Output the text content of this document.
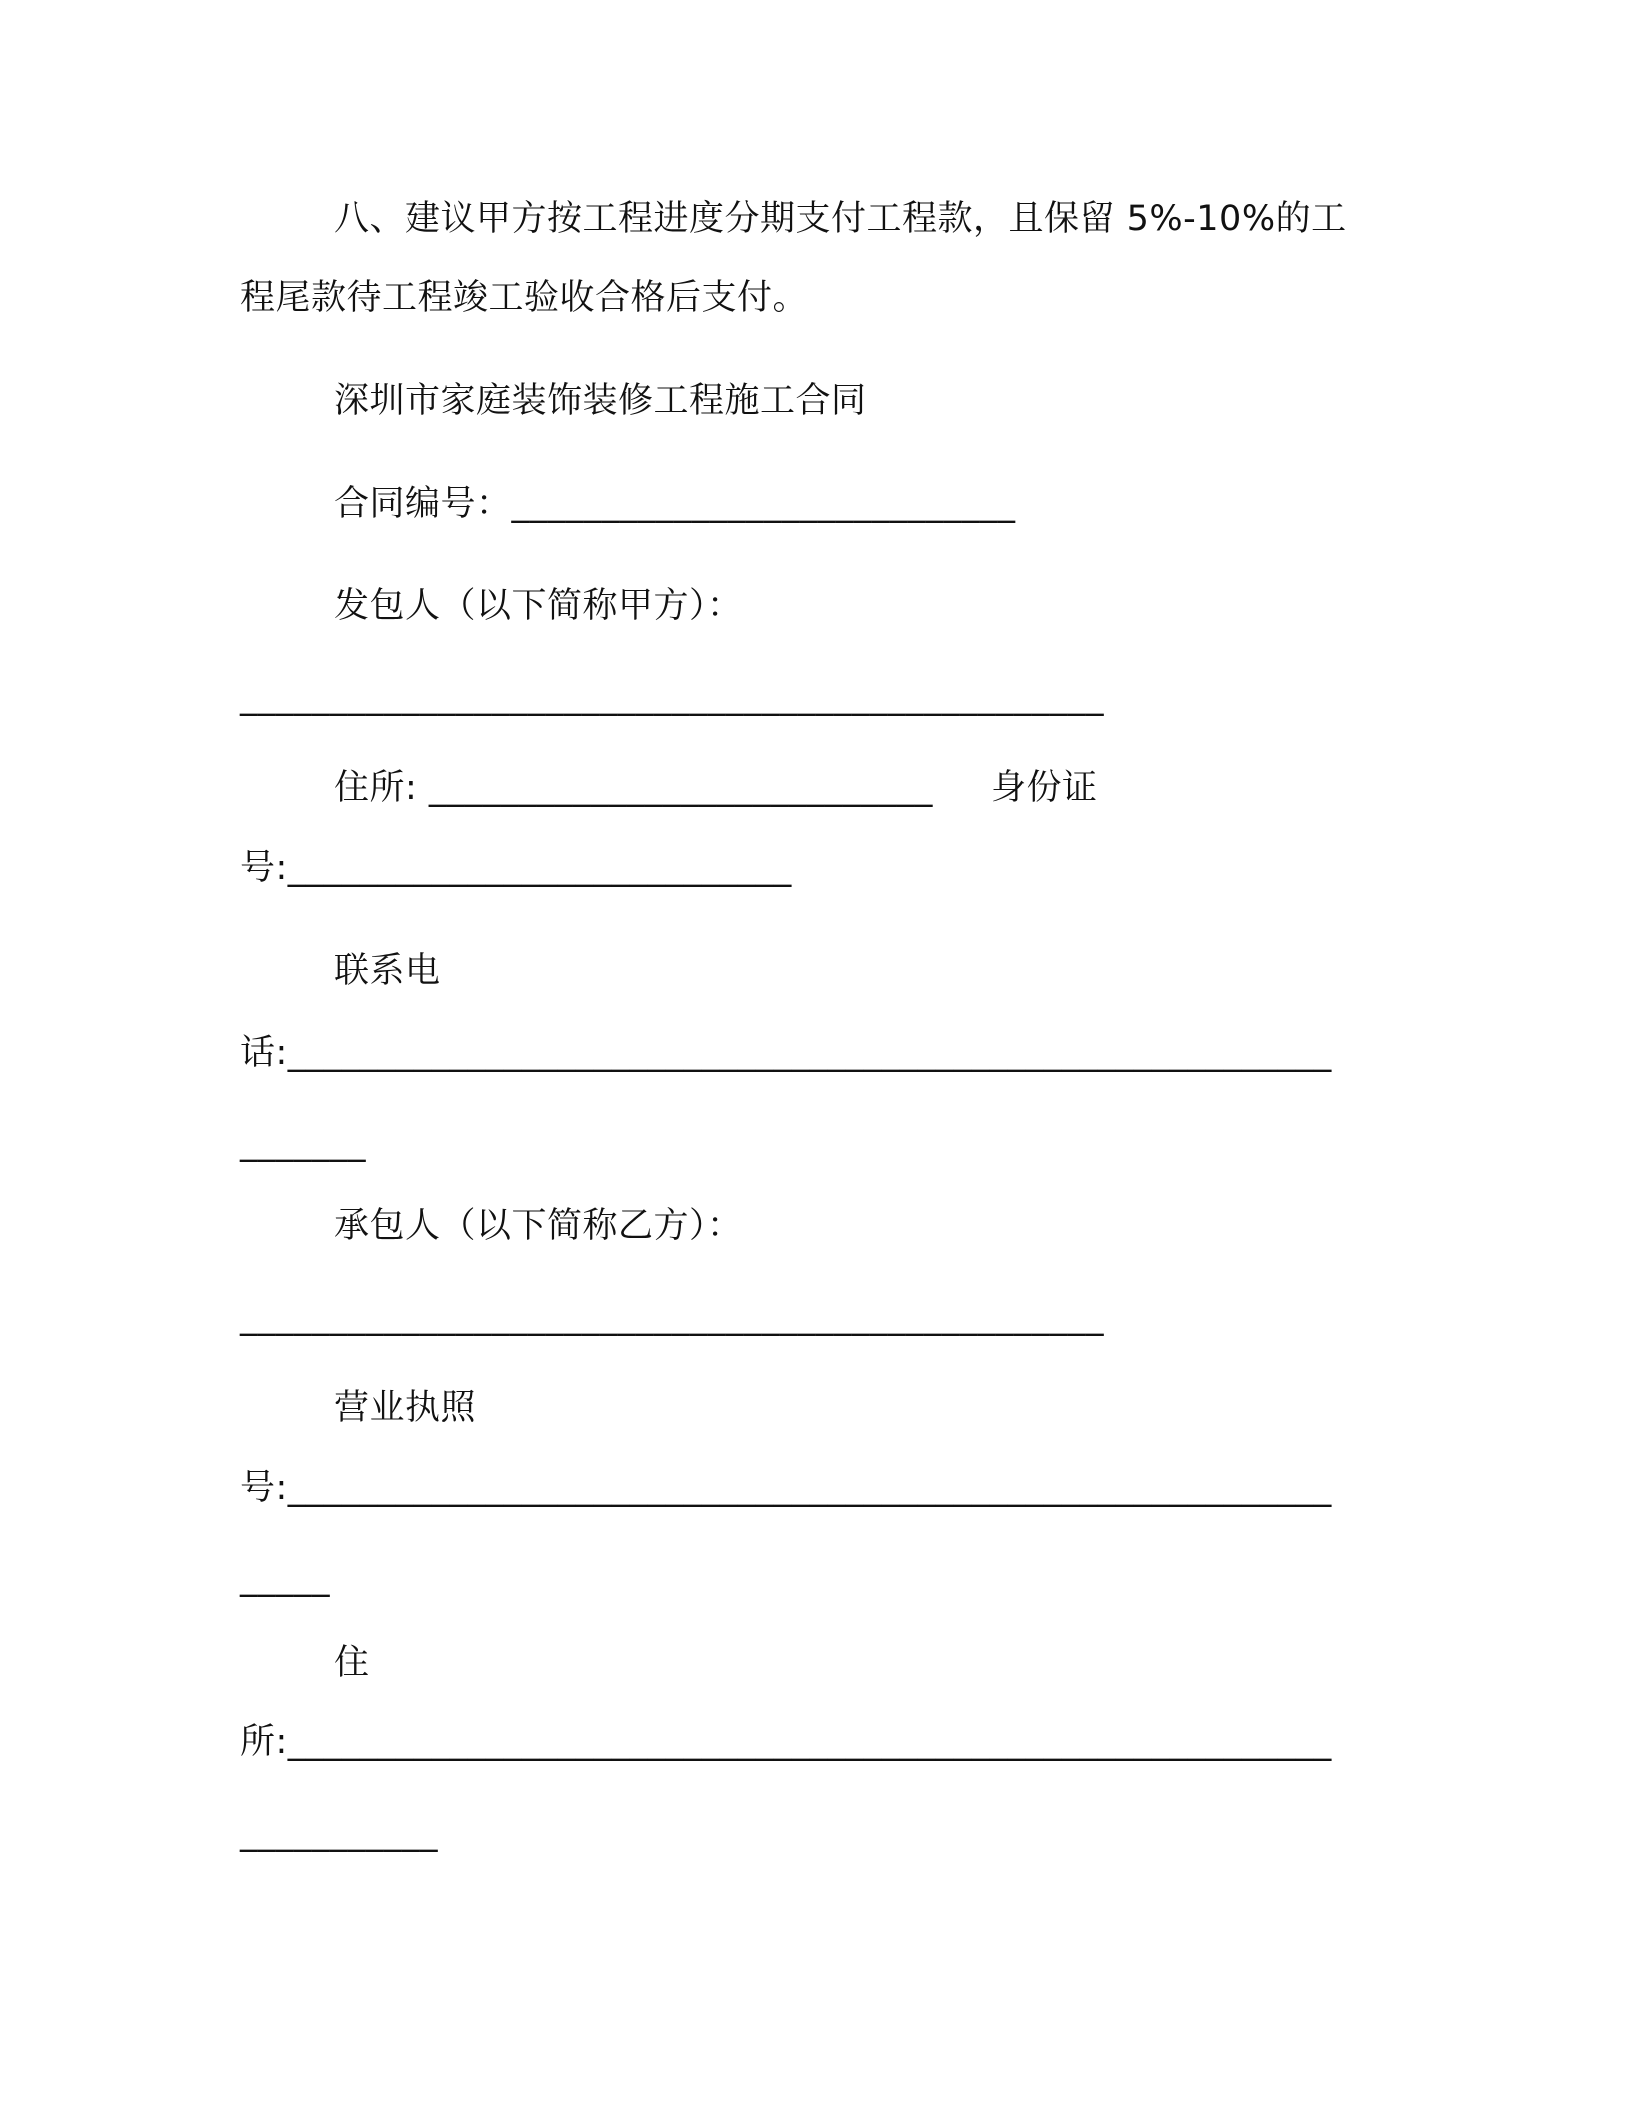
八、建议甲方按工程进度分期支付工程款，且保留 5%-10%的工
程尾款待工程竣工验收合格后支付。
深圳市家庭装饰装修工程施工合同
合同编号：____________________________
发包人（以下简称甲方）：
________________________________________________
住所: ____________________________     身份证
号:____________________________
联系电
话:__________________________________________________________
_______
承包人（以下简称乙方）：
________________________________________________
营业执照
号:__________________________________________________________
_____
住
所:__________________________________________________________
___________
